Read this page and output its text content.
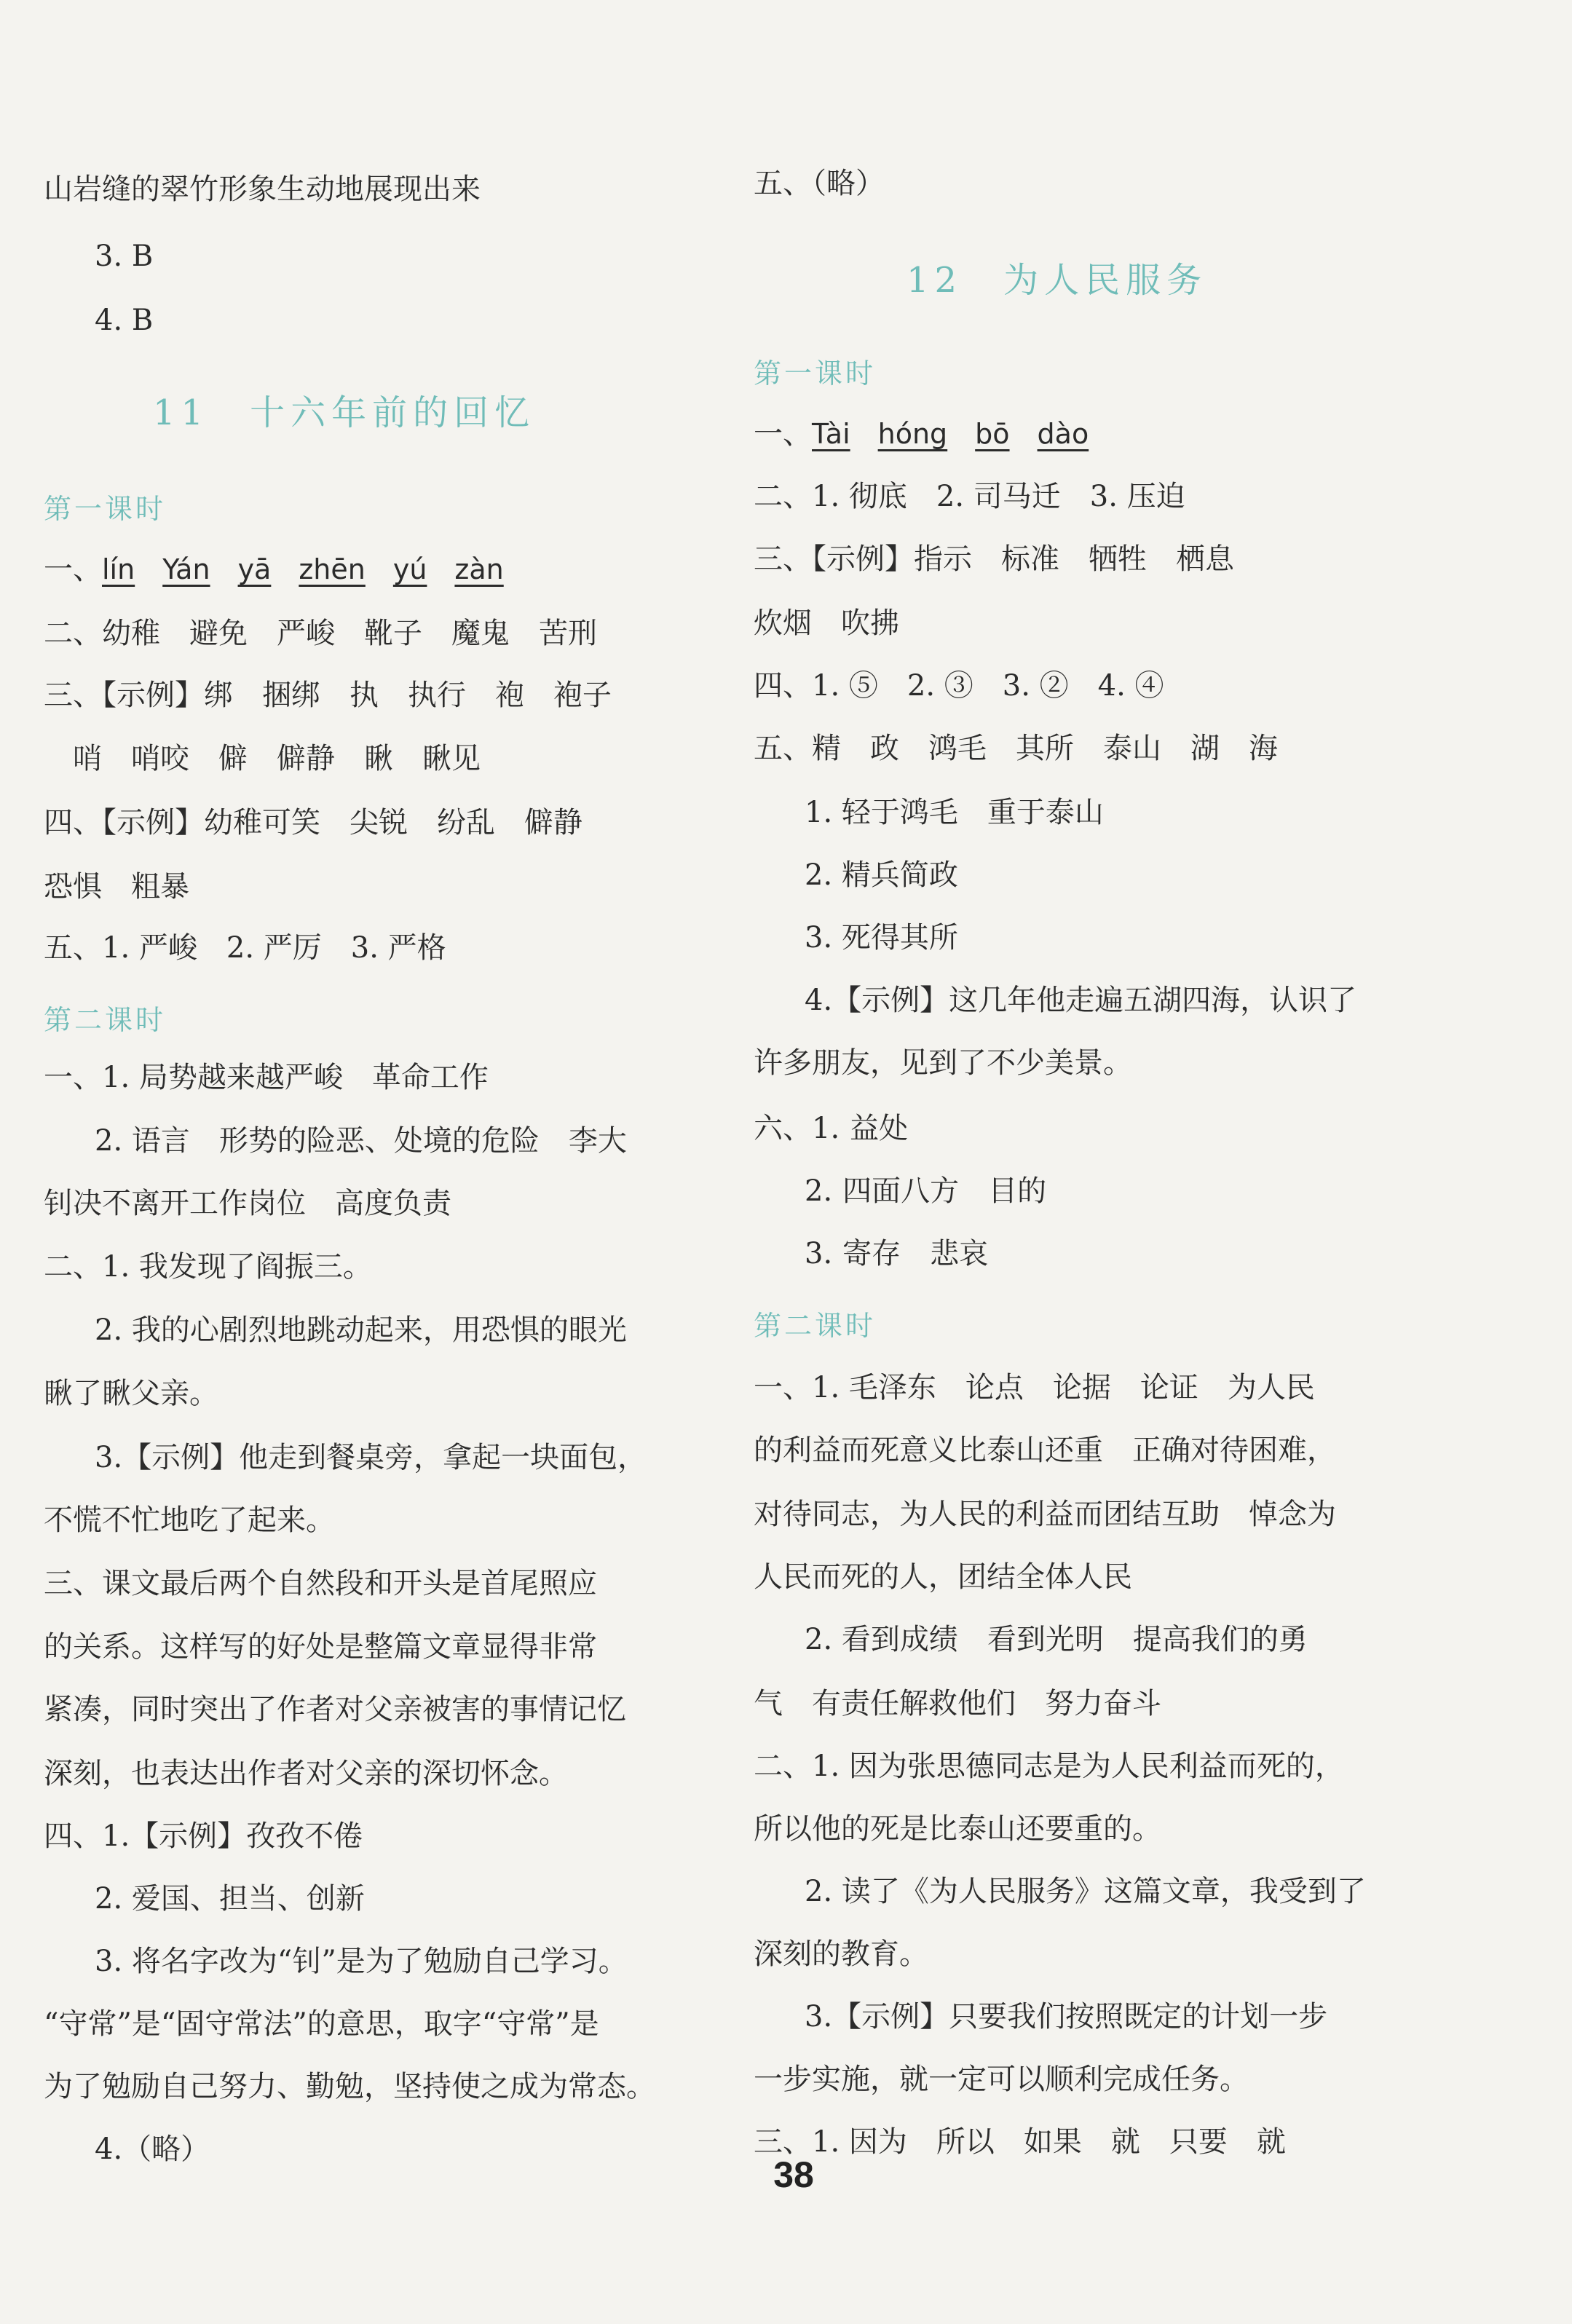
山岩缝的翠竹形象生动地展现出来
3. B
4. B
11　十六年前的回忆
第一课时
一、lín Yán yā zhēn yú zàn
二、幼稚　避免　严峻　靴子　魔鬼　苦刑
三、【示例】绑　捆绑　执　执行　袍　袍子
哨　哨咬　僻　僻静　瞅　瞅见
四、【示例】幼稚可笑　尖锐　纷乱　僻静
恐惧　粗暴
五、1. 严峻　2. 严厉　3. 严格
第二课时
一、1. 局势越来越严峻　革命工作
2. 语言　形势的险恶、处境的危险　李大
钊决不离开工作岗位　高度负责
二、1. 我发现了阎振三。
2. 我的心剧烈地跳动起来，用恐惧的眼光
瞅了瞅父亲。
3.【示例】他走到餐桌旁，拿起一块面包，
不慌不忙地吃了起来。
三、课文最后两个自然段和开头是首尾照应
的关系。这样写的好处是整篇文章显得非常
紧凑，同时突出了作者对父亲被害的事情记忆
深刻，也表达出作者对父亲的深切怀念。
四、1.【示例】孜孜不倦
2. 爱国、担当、创新
3. 将名字改为“钊”是为了勉励自己学习。
“守常”是“固守常法”的意思，取字“守常”是
为了勉励自己努力、勤勉，坚持使之成为常态。
4.（略）
五、（略）
12　为人民服务
第一课时
一、Tài hóng bō dào
二、1. 彻底　2. 司马迁　3. 压迫
三、【示例】指示　标准　牺牲　栖息
炊烟　吹拂
四、1. ⑤　2. ③　3. ②　4. ④
五、精　政　鸿毛　其所　泰山　湖　海
1. 轻于鸿毛　重于泰山
2. 精兵简政
3. 死得其所
4.【示例】这几年他走遍五湖四海，认识了
许多朋友，见到了不少美景。
六、1. 益处
2. 四面八方 目的
3. 寄存 悲哀
第二课时
一、1. 毛泽东　论点　论据　论证　为人民
的利益而死意义比泰山还重　正确对待困难，
对待同志，为人民的利益而团结互助　悼念为
人民而死的人，团结全体人民
2. 看到成绩　看到光明　提高我们的勇
气　有责任解救他们　努力奋斗
二、1. 因为张思德同志是为人民利益而死的，
所以他的死是比泰山还要重的。
2. 读了《为人民服务》这篇文章，我受到了
深刻的教育。
3.【示例】只要我们按照既定的计划一步
一步实施，就一定可以顺利完成任务。
三、1. 因为　所以　如果　就　只要　就
38
